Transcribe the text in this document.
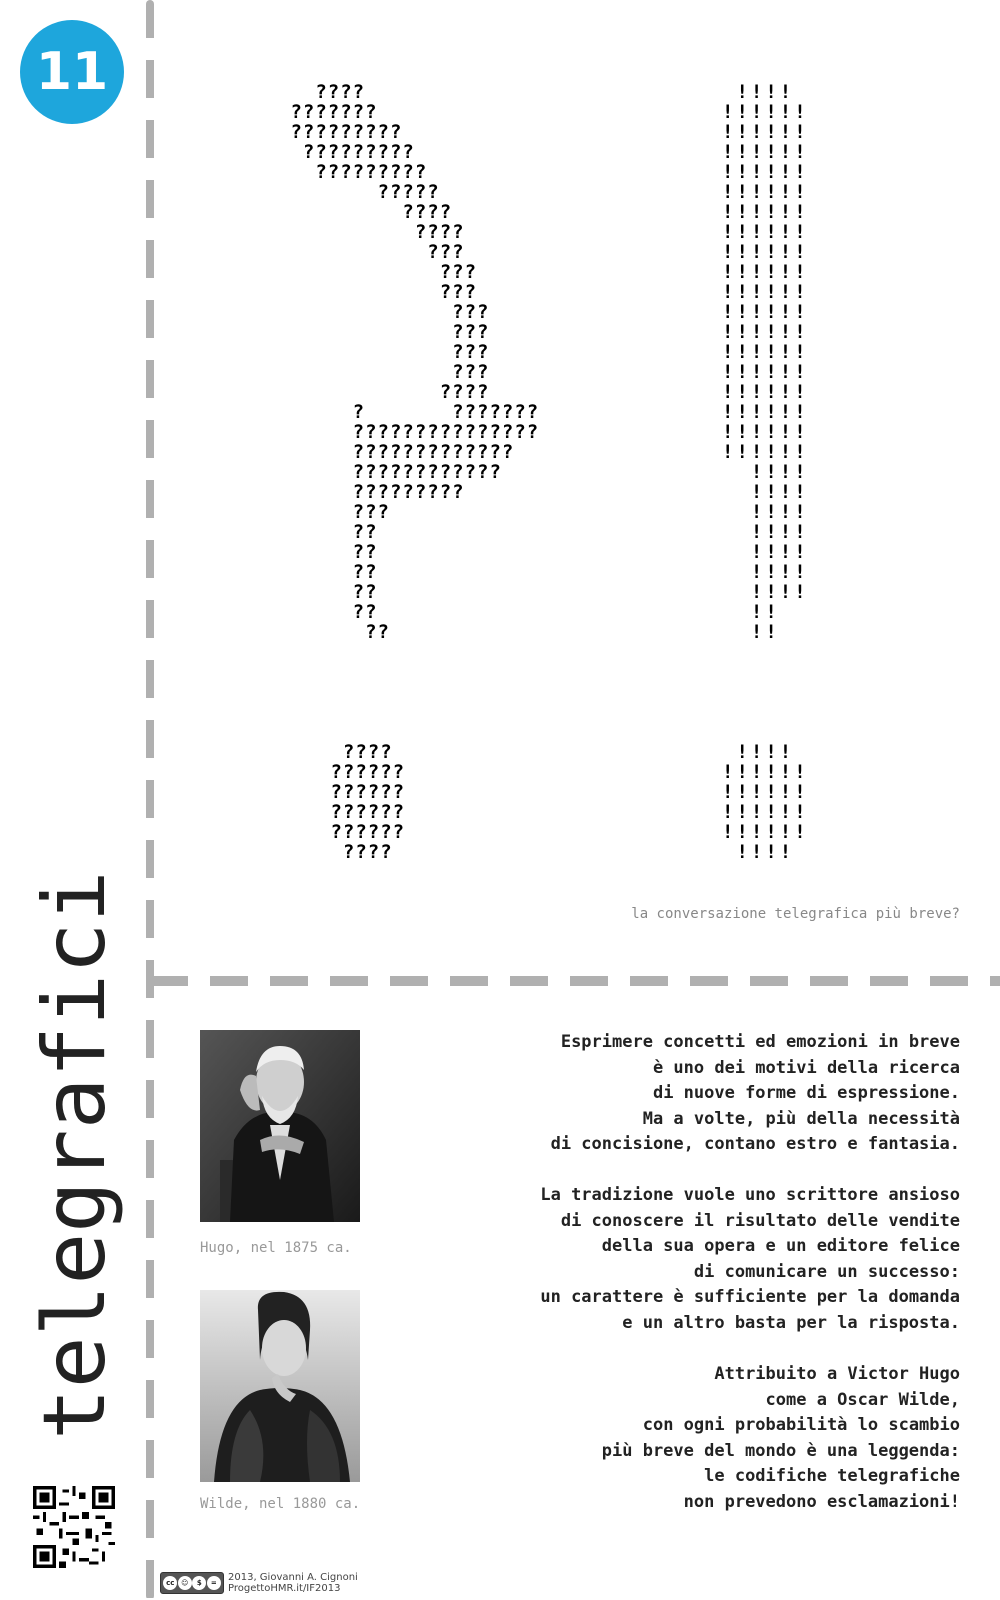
11
telegrafici
????
???????
?????????
?????????
?????????
?????
????
????
???
???
???
???
???
???
???
????
?       ???????
???????????????
?????????????
????????????
?????????
???
??
??
??
??
??
??
????
??????
??????
??????
??????
????
!!!!
!!!!!!
!!!!!!
!!!!!!
!!!!!!
!!!!!!
!!!!!!
!!!!!!
!!!!!!
!!!!!!
!!!!!!
!!!!!!
!!!!!!
!!!!!!
!!!!!!
!!!!!!
!!!!!!
!!!!!!
!!!!!!
!!!!
!!!!
!!!!
!!!!
!!!!
!!!!
!!!!
!!
!!
!!!!
!!!!!!
!!!!!!
!!!!!!
!!!!!!
!!!!
la conversazione telegrafica più breve?
Hugo, nel 1875 ca.
Wilde, nel 1880 ca.

Esprimere concetti ed emozioni in breve
è uno dei motivi della ricerca
di nuove forme di espressione.
Ma a volte, più della necessità
di concisione, contano estro e fantasia.

La tradizione vuole uno scrittore ansioso
di conoscere il risultato delle vendite
della sua opera e un editore felice
di comunicare un successo:
un carattere è sufficiente per la domanda
e un altro basta per la risposta.

Attribuito a Victor Hugo
come a Oscar Wilde,
con ogni probabilità lo scambio
più breve del mondo è una leggenda:
le codifiche telegrafiche
non prevedono esclamazioni!

cc ☺	$	=	2013, Giovanni A. Cignoni
ProgettoHMR.it/IF2013
